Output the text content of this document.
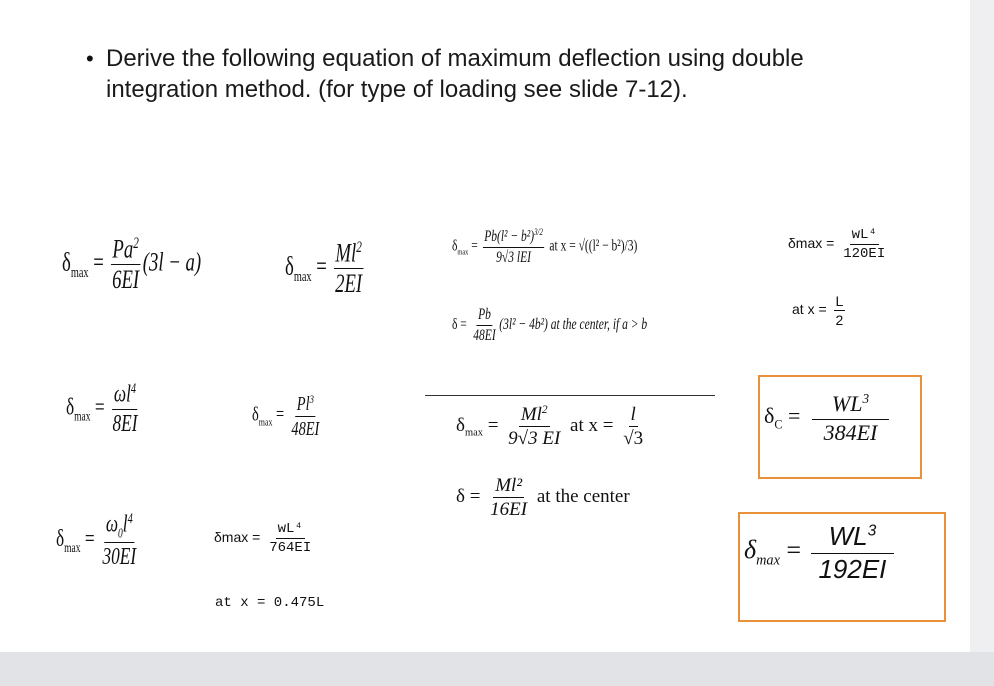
• Derive the following equation of maximum deflection using double integration method. (for type of loading see slide 7-12).
$\delta_{max} = \frac{Pa^2}{6EI} (3l - a)$	$\delta_{max} = \frac{Ml^2}{2EI}$	$\delta_{max} = \frac{Pb(l^2 - b^2)^{3/2}}{\text{9√3 lEI}}$ at x = √((l² − b²)/3)
$\delta = \frac{Pb}{48EI} (3l^2 - 4b^2)$ at the center, if a > b
$\delta\max = \frac{\text{wL⁴}}{120EI}$
at $x = \frac{L}{2}$
$\delta_{max} = \frac{\omega l^4}{8EI}$	$\delta_{max} = \frac{Pl^3}{48EI}$	$\delta_{max} = \frac{Ml^2}{9√3 EI}$ at $x = \frac{l}{√3}$
$\delta = \frac{\text{Ml²}}{16EI}$ at the center
$\delta_C = \frac{WL^3}{384EI}$
$\delta_{max} = \frac{\omega_0l^4}{30EI}$	$\delta\max = \frac{\text{wL⁴}}{764EI}$
at x = 0.475L
$\delta_{max} = \frac{WL^3}{192EI}$
